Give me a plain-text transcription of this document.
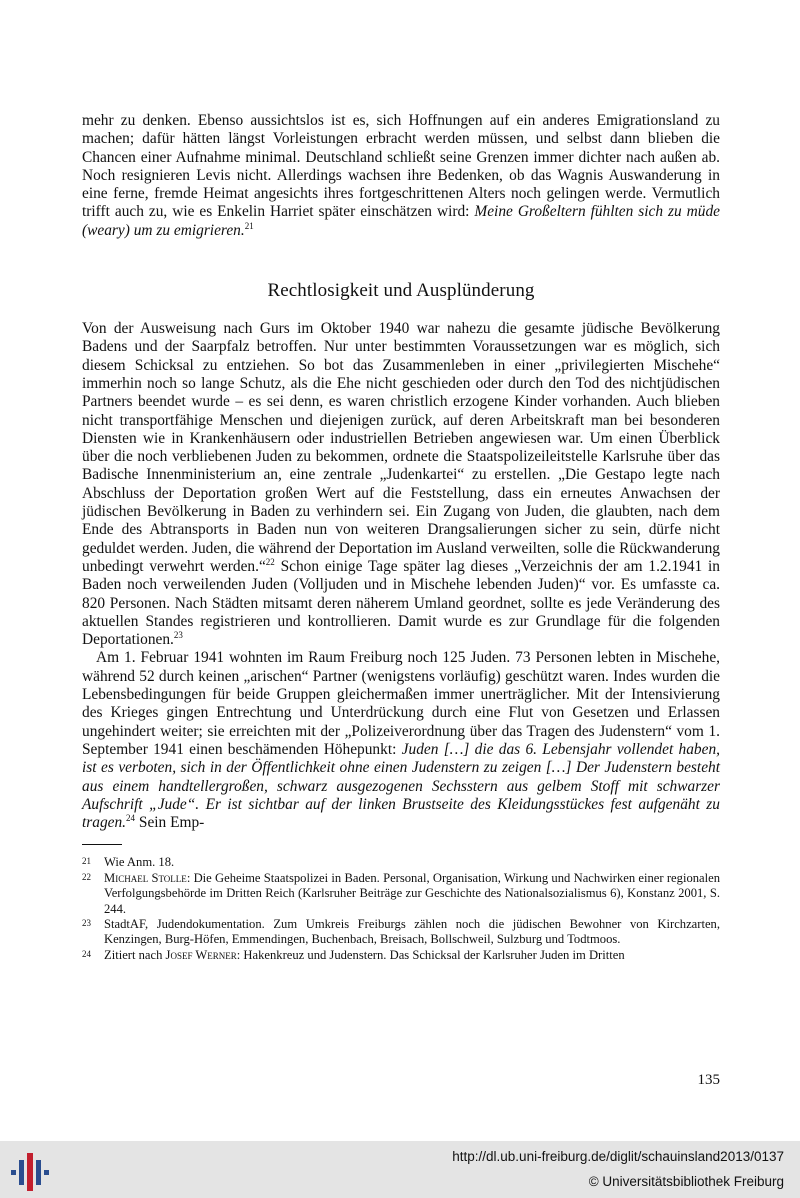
mehr zu denken. Ebenso aussichtslos ist es, sich Hoffnungen auf ein anderes Emigrationsland zu machen; dafür hätten längst Vorleistungen erbracht werden müssen, und selbst dann blieben die Chancen einer Aufnahme minimal. Deutschland schließt seine Grenzen immer dichter nach außen ab. Noch resignieren Levis nicht. Allerdings wachsen ihre Bedenken, ob das Wagnis Auswanderung in eine ferne, fremde Heimat angesichts ihres fortgeschrittenen Alters noch gelingen werde. Vermutlich trifft auch zu, wie es Enkelin Harriet später einschätzen wird: Meine Großeltern fühlten sich zu müde (weary) um zu emigrieren.$^{21}$

Rechtlosigkeit und Ausplünderung

Von der Ausweisung nach Gurs im Oktober 1940 war nahezu die gesamte jüdische Bevölkerung Badens und der Saarpfalz betroffen. Nur unter bestimmten Voraussetzungen war es möglich, sich diesem Schicksal zu entziehen. So bot das Zusammenleben in einer „privilegierten Mischehe“ immerhin noch so lange Schutz, als die Ehe nicht geschieden oder durch den Tod des nichtjüdischen Partners beendet wurde – es sei denn, es waren christlich erzogene Kinder vorhanden. Auch blieben nicht transportfähige Menschen und diejenigen zurück, auf deren Arbeitskraft man bei besonderen Diensten wie in Krankenhäusern oder industriellen Betrieben angewiesen war. Um einen Überblick über die noch verbliebenen Juden zu bekommen, ordnete die Staatspolizeileitstelle Karlsruhe über das Badische Innenministerium an, eine zentrale „Judenkartei“ zu erstellen. „Die Gestapo legte nach Abschluss der Deportation großen Wert auf die Feststellung, dass ein erneutes Anwachsen der jüdischen Bevölkerung in Baden zu verhindern sei. Ein Zugang von Juden, die glaubten, nach dem Ende des Abtransports in Baden nun von weiteren Drangsalierungen sicher zu sein, dürfe nicht geduldet werden. Juden, die während der Deportation im Ausland verweilten, solle die Rückwanderung unbedingt verwehrt werden.“$^{22}$ Schon einige Tage später lag dieses „Verzeichnis der am 1.2.1941 in Baden noch verweilenden Juden (Volljuden und in Mischehe lebenden Juden)“ vor. Es umfasste ca. 820 Personen. Nach Städten mitsamt deren näherem Umland geordnet, sollte es jede Veränderung des aktuellen Standes registrieren und kontrollieren. Damit wurde es zur Grundlage für die folgenden Deportationen.$^{23}$

Am 1. Februar 1941 wohnten im Raum Freiburg noch 125 Juden. 73 Personen lebten in Mischehe, während 52 durch keinen „arischen“ Partner (wenigstens vorläufig) geschützt waren. Indes wurden die Lebensbedingungen für beide Gruppen gleichermaßen immer unerträglicher. Mit der Intensivierung des Krieges gingen Entrechtung und Unterdrückung durch eine Flut von Gesetzen und Erlassen ungehindert weiter; sie erreichten mit der „Polizeiverordnung über das Tragen des Judenstern“ vom 1. September 1941 einen beschämenden Höhepunkt: Juden […] die das 6. Lebensjahr vollendet haben, ist es verboten, sich in der Öffentlichkeit ohne einen Judenstern zu zeigen […] Der Judenstern besteht aus einem handtellergroßen, schwarz ausgezogenen Sechsstern aus gelbem Stoff mit schwarzer Aufschrift „Jude“. Er ist sichtbar auf der linken Brustseite des Kleidungsstückes fest aufgenäht zu tragen.$^{24}$ Sein Emp-

21	Wie Anm. 18.
22	Michael Stolle: Die Geheime Staatspolizei in Baden. Personal, Organisation, Wirkung und Nachwirken einer regionalen Verfolgungsbehörde im Dritten Reich (Karlsruher Beiträge zur Geschichte des Nationalsozialismus 6), Konstanz 2001, S. 244.
23	StadtAF, Judendokumentation. Zum Umkreis Freiburgs zählen noch die jüdischen Bewohner von Kirchzarten, Kenzingen, Burg-Höfen, Emmendingen, Buchenbach, Breisach, Bollschweil, Sulzburg und Todtmoos.
24	Zitiert nach Josef Werner: Hakenkreuz und Judenstern. Das Schicksal der Karlsruher Juden im Dritten
135
http://dl.ub.uni-freiburg.de/diglit/schauinsland2013/0137
© Universitätsbibliothek Freiburg
